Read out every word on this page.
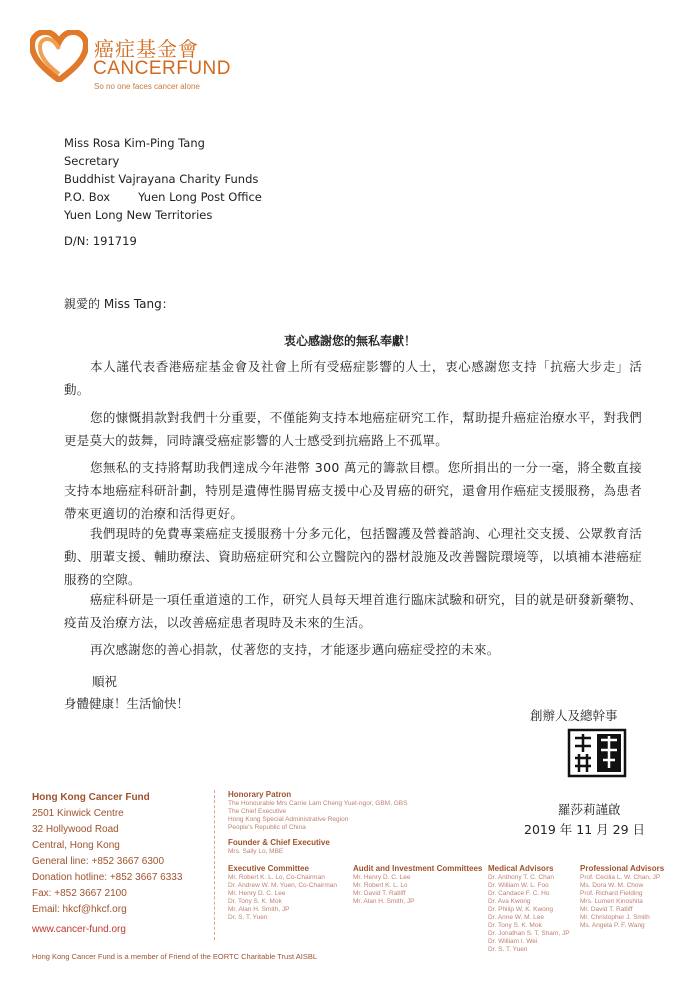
癌症基金會
CANCERFUND
So no one faces cancer alone
Miss Rosa Kim-Ping Tang
Secretary
Buddhist Vajrayana Charity Funds
P.O. Box Yuen Long Post Office
Yuen Long New Territories
D/N: 191719
親愛的 Miss Tang：
衷心感謝您的無私奉獻！
本人謹代表香港癌症基金會及社會上所有受癌症影響的人士，衷心感謝您支持「抗癌大步走」活動。
您的慷慨捐款對我們十分重要，不僅能夠支持本地癌症研究工作，幫助提升癌症治療水平，對我們更是莫大的鼓舞，同時讓受癌症影響的人士感受到抗癌路上不孤單。
您無私的支持將幫助我們達成今年港幣 300 萬元的籌款目標。您所捐出的一分一毫，將全數直接支持本地癌症科研計劃，特別是遺傳性腸胃癌支援中心及胃癌的研究，還會用作癌症支援服務，為患者帶來更適切的治療和活得更好。
我們現時的免費專業癌症支援服務十分多元化，包括醫護及營養諮詢、心理社交支援、公眾教育活動、朋輩支援、輔助療法、資助癌症研究和公立醫院內的器材設施及改善醫院環境等，以填補本港癌症服務的空隙。
癌症科研是一項任重道遠的工作，研究人員每天埋首進行臨床試驗和研究，目的就是研發新藥物、疫苗及治療方法，以改善癌症患者現時及未來的生活。
再次感謝您的善心捐款，仗著您的支持，才能逐步邁向癌症受控的未來。
順祝
身體健康！生活愉快！
創辦人及總幹事
羅莎莉謹啟
2019 年 11 月 29 日
Hong Kong Cancer Fund
2501 Kinwick Centre
32 Hollywood Road
Central, Hong Kong
General line: +852 3667 6300
Donation hotline: +852 3667 6333
Fax: +852 3667 2100
Email: hkcf@hkcf.org
www.cancer-fund.org
Honorary Patron
The Honourable Mrs Carrie Lam Cheng Yuet-ngor, GBM, GBS
The Chief Executive
Hong Kong Special Administrative Region
People's Republic of China
Founder & Chief Executive
Mrs. Sally Lo, MBE
Executive Committee
Mr. Robert K. L. Lo, Co-Chairman
Dr. Andrew W. M. Yuen, Co-Chairman
Mr. Henry D. C. Lee
Dr. Tony S. K. Mok
Mr. Alan H. Smith, JP
Dr. S. T. Yuen
Audit and Investment Committees
Mr. Henry D. C. Lee
Mr. Robert K. L. Lo
Mr. David T. Ratliff
Mr. Alan H. Smith, JP
Medical Advisors
Dr. Anthony T. C. Chan
Dr. William W. L. Foo
Dr. Candace F. C. Ho
Dr. Ava Kwong
Dr. Philip W. K. Kwong
Dr. Anne W. M. Lee
Dr. Tony S. K. Mok
Dr. Jonathan S. T. Sham, JP
Dr. William I. Wei
Dr. S. T. Yuen
Professional Advisors
Prof. Cecilia L. W. Chan, JP
Ms. Dora W. M. Chow
Prof. Richard Fielding
Mrs. Lumen Kinoshita
Mr. David T. Ratliff
Mr. Christopher J. Smith
Ms. Angela P. F. Wang
Hong Kong Cancer Fund is a member of Friend of the EORTC Charitable Trust AISBL
